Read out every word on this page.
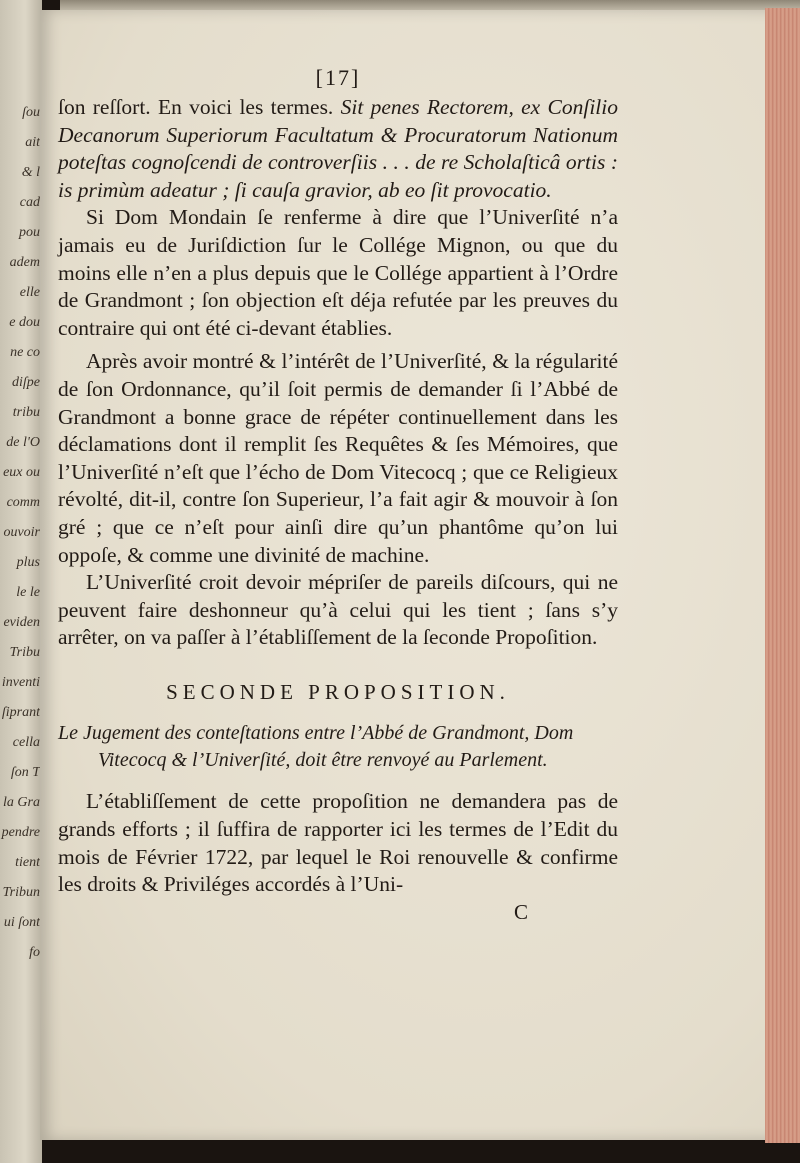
ſou
ait
& l
cad
pou
adem
elle
e dou
ne co
diſpe
tribu
de l'O
eux ou
comm
ouvoir
plus
le le
eviden
Tribu
inventi
ſiprant
cella
ſon T
la Gra
pendre
tient
Tribun
ui ſont
fo
[17]

ſon reſſort. En voici les termes. Sit penes Rectorem, ex Conſilio Decanorum Superiorum Facultatum & Procuratorum Nationum poteſtas cognoſcendi de controverſiis . . . de re Scholaſticâ ortis : is primùm adeatur ; ſi cauſa gravior, ab eo ſit provocatio.

Si Dom Mondain ſe renferme à dire que l’Univerſité n’a jamais eu de Juriſdiction ſur le Collége Mignon, ou que du moins elle n’en a plus depuis que le Collége appartient à l’Ordre de Grandmont ; ſon objection eſt déja refutée par les preuves du contraire qui ont été ci-devant établies.

Après avoir montré & l’intérêt de l’Univerſité, & la régularité de ſon Ordonnance, qu’il ſoit permis de demander ſi l’Abbé de Grandmont a bonne grace de répéter continuellement dans les déclamations dont il remplit ſes Requêtes & ſes Mémoires, que l’Univerſité n’eſt que l’écho de Dom Vitecocq ; que ce Religieux révolté, dit-il, contre ſon Superieur, l’a fait agir & mouvoir à ſon gré ; que ce n’eſt pour ainſi dire qu’un phantôme qu’on lui oppoſe, & comme une divinité de machine.

L’Univerſité croit devoir mépriſer de pareils diſcours, qui ne peuvent faire deshonneur qu’à celui qui les tient ; ſans s’y arrêter, on va paſſer à l’établiſſement de la ſeconde Propoſition.

SECONDE PROPOSITION.
Le Jugement des conteſtations entre l’Abbé de Grandmont, Dom
Vitecocq & l’Univerſité, doit être renvoyé au Parlement.

L’établiſſement de cette propoſition ne demandera pas de grands efforts ; il ſuffira de rapporter ici les termes de l’Edit du mois de Février 1722, par lequel le Roi renouvelle & confirme les droits & Priviléges accordés à l’Uni-

C
